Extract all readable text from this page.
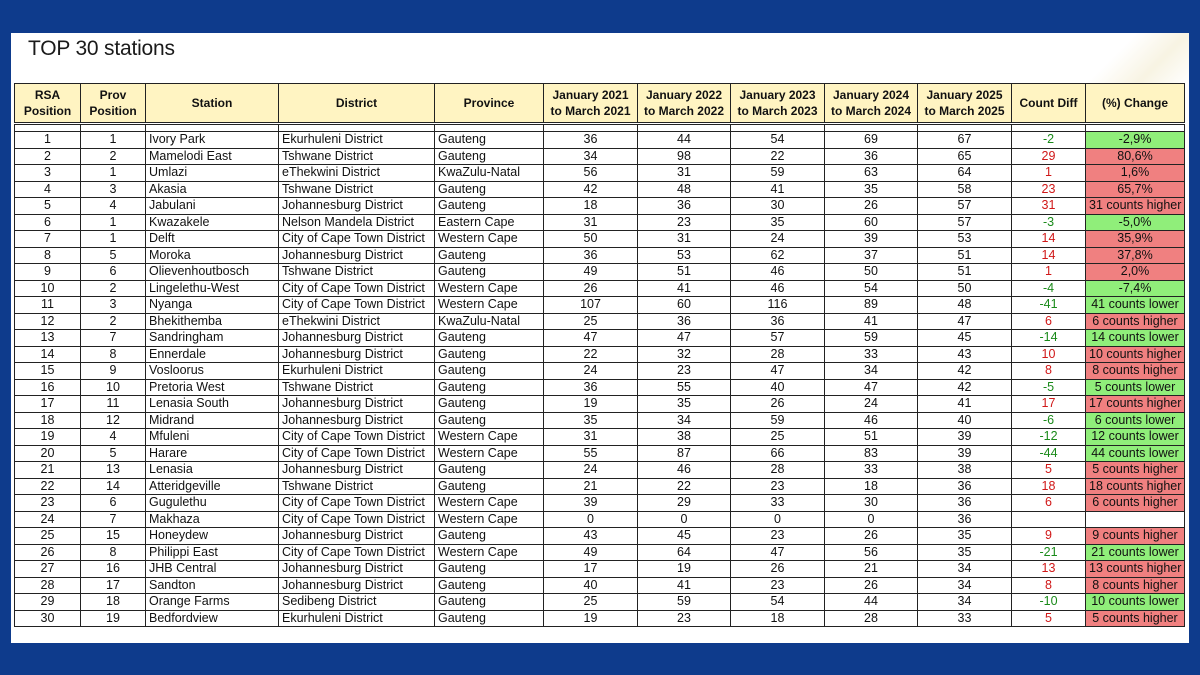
TOP 30 stations
RSA Position	Prov Position	Station	District	Province	January 2021 to March 2021	January 2022 to March 2022	January 2023 to March 2023	January 2024 to March 2024	January 2025 to March 2025	Count Diff	(%) Change

1	1	Ivory Park	Ekurhuleni District	Gauteng	36	44	54	69	67	-2	-2,9%
2	2	Mamelodi East	Tshwane District	Gauteng	34	98	22	36	65	29	80,6%
3	1	Umlazi	eThekwini District	KwaZulu-Natal	56	31	59	63	64	1	1,6%
4	3	Akasia	Tshwane District	Gauteng	42	48	41	35	58	23	65,7%
5	4	Jabulani	Johannesburg District	Gauteng	18	36	30	26	57	31	31 counts higher
6	1	Kwazakele	Nelson Mandela District	Eastern Cape	31	23	35	60	57	-3	-5,0%
7	1	Delft	City of Cape Town District	Western Cape	50	31	24	39	53	14	35,9%
8	5	Moroka	Johannesburg District	Gauteng	36	53	62	37	51	14	37,8%
9	6	Olievenhoutbosch	Tshwane District	Gauteng	49	51	46	50	51	1	2,0%
10	2	Lingelethu-West	City of Cape Town District	Western Cape	26	41	46	54	50	-4	-7,4%
11	3	Nyanga	City of Cape Town District	Western Cape	107	60	116	89	48	-41	41 counts lower
12	2	Bhekithemba	eThekwini District	KwaZulu-Natal	25	36	36	41	47	6	6 counts higher
13	7	Sandringham	Johannesburg District	Gauteng	47	47	57	59	45	-14	14 counts lower
14	8	Ennerdale	Johannesburg District	Gauteng	22	32	28	33	43	10	10 counts higher
15	9	Vosloorus	Ekurhuleni District	Gauteng	24	23	47	34	42	8	8 counts higher
16	10	Pretoria West	Tshwane District	Gauteng	36	55	40	47	42	-5	5 counts lower
17	11	Lenasia South	Johannesburg District	Gauteng	19	35	26	24	41	17	17 counts higher
18	12	Midrand	Johannesburg District	Gauteng	35	34	59	46	40	-6	6 counts lower
19	4	Mfuleni	City of Cape Town District	Western Cape	31	38	25	51	39	-12	12 counts lower
20	5	Harare	City of Cape Town District	Western Cape	55	87	66	83	39	-44	44 counts lower
21	13	Lenasia	Johannesburg District	Gauteng	24	46	28	33	38	5	5 counts higher
22	14	Atteridgeville	Tshwane District	Gauteng	21	22	23	18	36	18	18 counts higher
23	6	Gugulethu	City of Cape Town District	Western Cape	39	29	33	30	36	6	6 counts higher
24	7	Makhaza	City of Cape Town District	Western Cape	0	0	0	0	36		
25	15	Honeydew	Johannesburg District	Gauteng	43	45	23	26	35	9	9 counts higher
26	8	Philippi East	City of Cape Town District	Western Cape	49	64	47	56	35	-21	21 counts lower
27	16	JHB Central	Johannesburg District	Gauteng	17	19	26	21	34	13	13 counts higher
28	17	Sandton	Johannesburg District	Gauteng	40	41	23	26	34	8	8 counts higher
29	18	Orange Farms	Sedibeng District	Gauteng	25	59	54	44	34	-10	10 counts lower
30	19	Bedfordview	Ekurhuleni District	Gauteng	19	23	18	28	33	5	5 counts higher
